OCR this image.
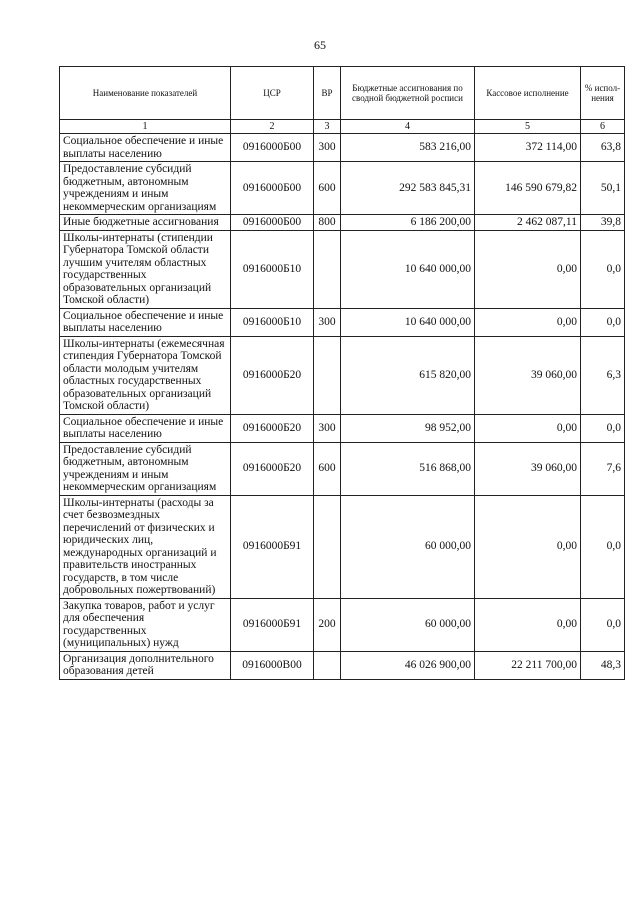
65
Наименование показателей	ЦСР	ВР	Бюджетные ассигнования по сводной бюджетной росписи	Кассовое исполнение	% испол-нения
1	2	3	4	5	6
Социальное обеспечение и иные выплаты населению	0916000Б00	300	583 216,00	372 114,00	63,8
Предоставление субсидий бюджетным, автономным учреждениям и иным некоммерческим организациям	0916000Б00	600	292 583 845,31	146 590 679,82	50,1
Иные бюджетные ассигнования	0916000Б00	800	6 186 200,00	2 462 087,11	39,8
Школы-интернаты (стипендии Губернатора Томской области лучшим учителям областных государственных образовательных организаций Томской области)	0916000Б10		10 640 000,00	0,00	0,0
Социальное обеспечение и иные выплаты населению	0916000Б10	300	10 640 000,00	0,00	0,0
Школы-интернаты (ежемесячная стипендия Губернатора Томской области молодым учителям областных государственных образовательных организаций Томской области)	0916000Б20		615 820,00	39 060,00	6,3
Социальное обеспечение и иные выплаты населению	0916000Б20	300	98 952,00	0,00	0,0
Предоставление субсидий бюджетным, автономным учреждениям и иным некоммерческим организациям	0916000Б20	600	516 868,00	39 060,00	7,6
Школы-интернаты (расходы за счет безвозмездных перечислений от физических и юридических лиц, международных организаций и правительств иностранных государств, в том числе добровольных пожертвований)	0916000Б91		60 000,00	0,00	0,0
Закупка товаров, работ и услуг для обеспечения государственных (муниципальных) нужд	0916000Б91	200	60 000,00	0,00	0,0
Организация дополнительного образования детей	0916000В00		46 026 900,00	22 211 700,00	48,3
